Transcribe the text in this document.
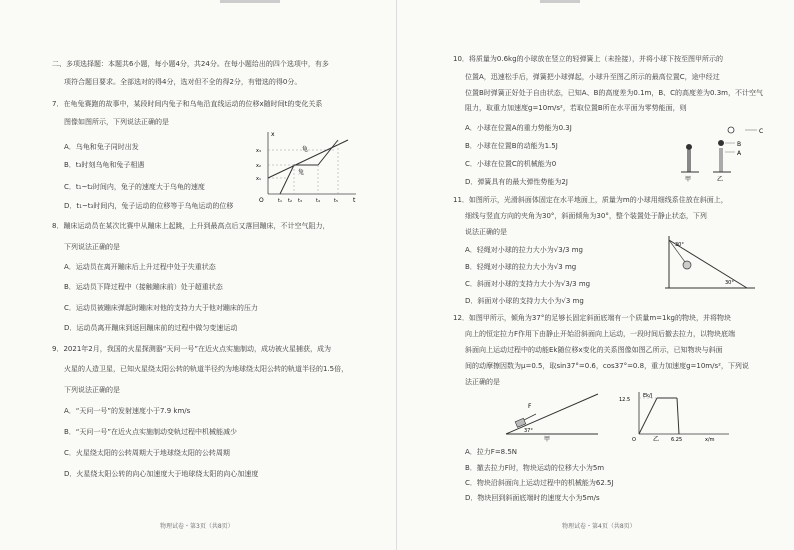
二、多项选择题：本题共6小题，每小题4分，共24分。在每小题给出的四个选项中，有多
项符合题目要求。全部选对的得4分，选对但不全的得2分，有错选的得0分。
7．在龟兔赛跑的故事中，某段时间内兔子和乌龟沿直线运动的位移x随时间t的变化关系
图像如图所示，下列说法正确的是
A．乌龟和兔子同时出发
B．t₃时刻乌龟和兔子相遇
C．t₁~t₂时间内，兔子的速度大于乌龟的速度
D．t₁~t₃时间内，兔子运动的位移等于乌龟运动的位移
x
t
O
x₃
x₂
x₁
t₁ t₂ t₃	t₄	t₅
龟
兔
8．蹦床运动员在某次比赛中从蹦床上起跳，上升到最高点后又落回蹦床，不计空气阻力，
下列说法正确的是
A．运动员在离开蹦床后上升过程中处于失重状态
B．运动员下降过程中（接触蹦床前）处于超重状态
C．运动员被蹦床弹起时蹦床对他的支持力大于他对蹦床的压力
D．运动员离开蹦床到返回蹦床前的过程中做匀变速运动
9．2021年2月，我国的火星探测器“天问一号”在近火点实施制动，成功被火星捕获，成为
火星的人造卫星，已知火星绕太阳公转的轨道半径约为地球绕太阳公转的轨道半径的1.5倍，
下列说法正确的是
A．“天问一号”的发射速度小于7.9 km/s
B．“天问一号”在近火点实施制动变轨过程中机械能减少
C．火星绕太阳的公转周期大于地球绕太阳的公转周期
D．火星绕太阳公转的向心加速度大于地球绕太阳的向心加速度
物理试卷・第3页（共8页）
10．将质量为0.6kg的小球放在竖立的轻弹簧上（未拴接），并将小球下按至图甲所示的
位置A，迅速松手后，弹簧把小球弹起，小球升至图乙所示的最高位置C，途中经过
位置B时弹簧正好处于自由状态，已知A、B的高度差为0.1m，B、C的高度差为0.3m，不计空气
阻力，取重力加速度g=10m/s²，若取位置B所在水平面为零势能面，则
A．小球在位置A的重力势能为0.3J
B．小球在位置B的动能为1.5J
C．小球在位置C的机械能为0
D．弹簧具有的最大弹性势能为2J
C
B
A
甲	乙
11．如图所示，光滑斜面体固定在水平地面上，质量为m的小球用细线系住放在斜面上，
细线与竖直方向的夹角为30°，斜面倾角为30°，整个装置处于静止状态，下列
说法正确的是
A．轻绳对小球的拉力大小为√3/3 mg
B．轻绳对小球的拉力大小为√3 mg
C．斜面对小球的支持力大小为√3/3 mg
D．斜面对小球的支持力大小为√3 mg
30°
30°
12．如图甲所示，倾角为37°的足够长固定斜面底端有一个质量m=1kg的物块，并将物块
向上的恒定拉力F作用下由静止开始沿斜面向上运动，一段时间后撤去拉力，以物块底端
斜面向上运动过程中的动能Ek随位移x变化的关系图像如图乙所示，已知物块与斜面
间的动摩擦因数为μ=0.5，取sin37°=0.6，cos37°=0.8，重力加速度g=10m/s²，下列说
法正确的是
F
37°
甲
Ek/J
12.5
6.25	x/m
O	乙
A．拉力F=8.5N
B．撤去拉力F时，物块运动的位移大小为5m
C．物块沿斜面向上运动过程中的机械能为62.5J
D．物块回到斜面底端时的速度大小为5m/s
物理试卷・第4页（共8页）
